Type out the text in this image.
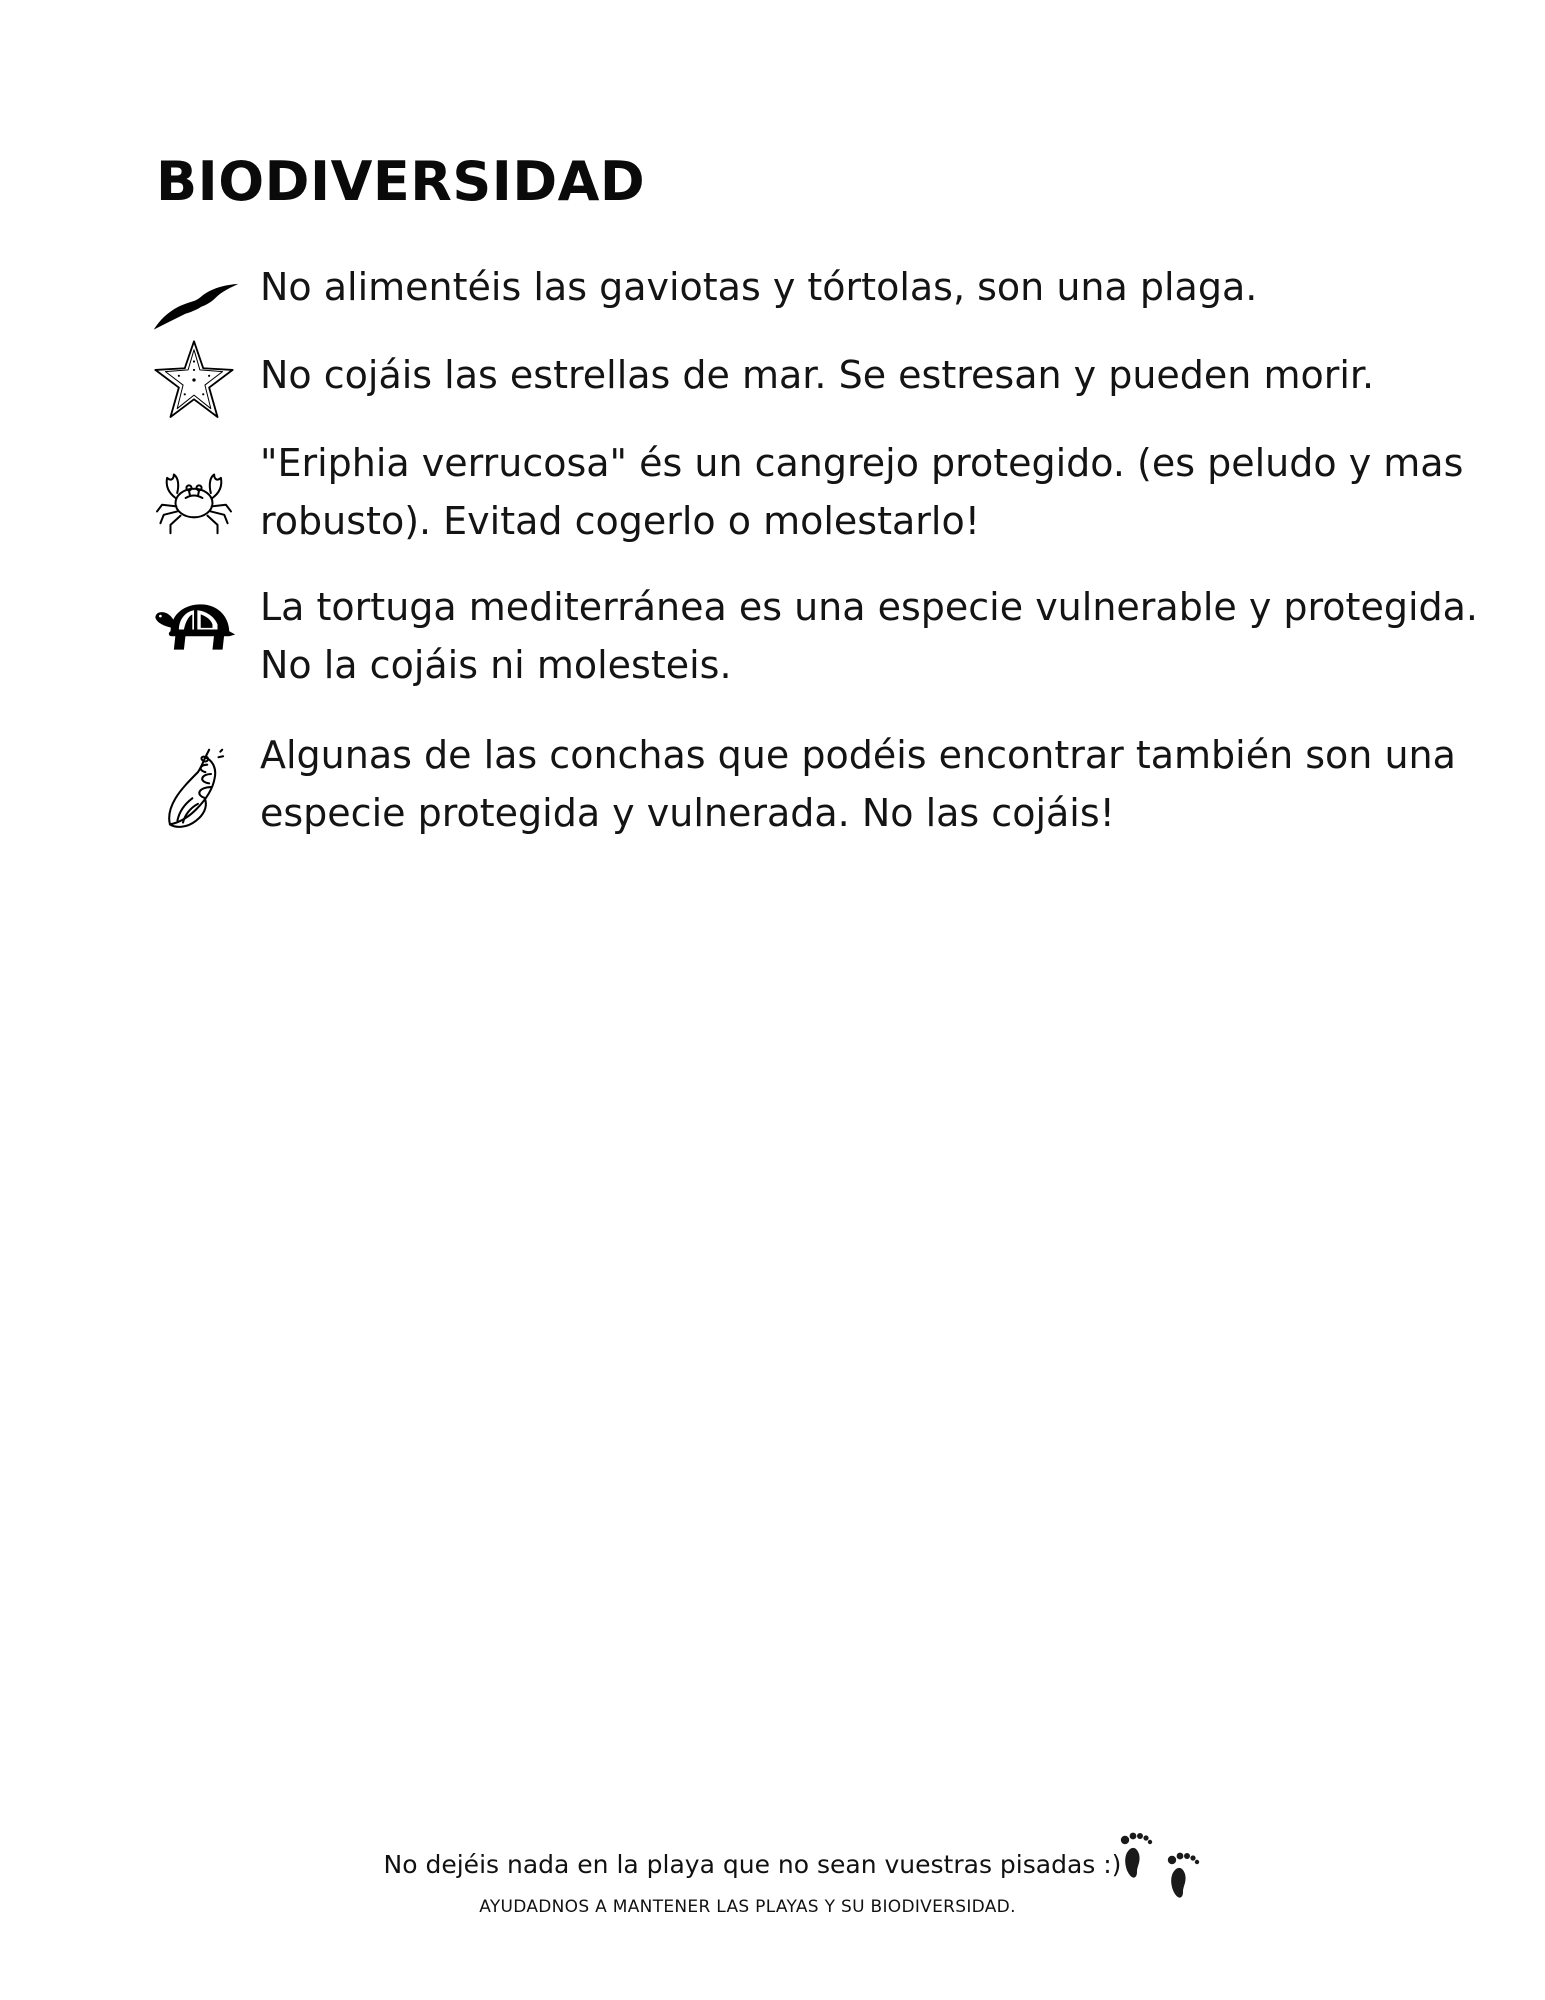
BIODIVERSIDAD

No alimentéis las gaviotas y tórtolas, son una plaga.

No cojáis las estrellas de mar. Se estresan y pueden morir.

"Eriphia verrucosa" és un cangrejo protegido. (es peludo y mas robusto). Evitad cogerlo o molestarlo!

La tortuga mediterránea es una especie vulnerable y protegida. No la cojáis ni molesteis.

Algunas de las conchas que podéis encontrar también son una especie protegida y vulnerada. No las cojáis!

No dejéis nada en la playa que no sean vuestras pisadas :)

AYUDADNOS A MANTENER LAS PLAYAS Y SU BIODIVERSIDAD.
